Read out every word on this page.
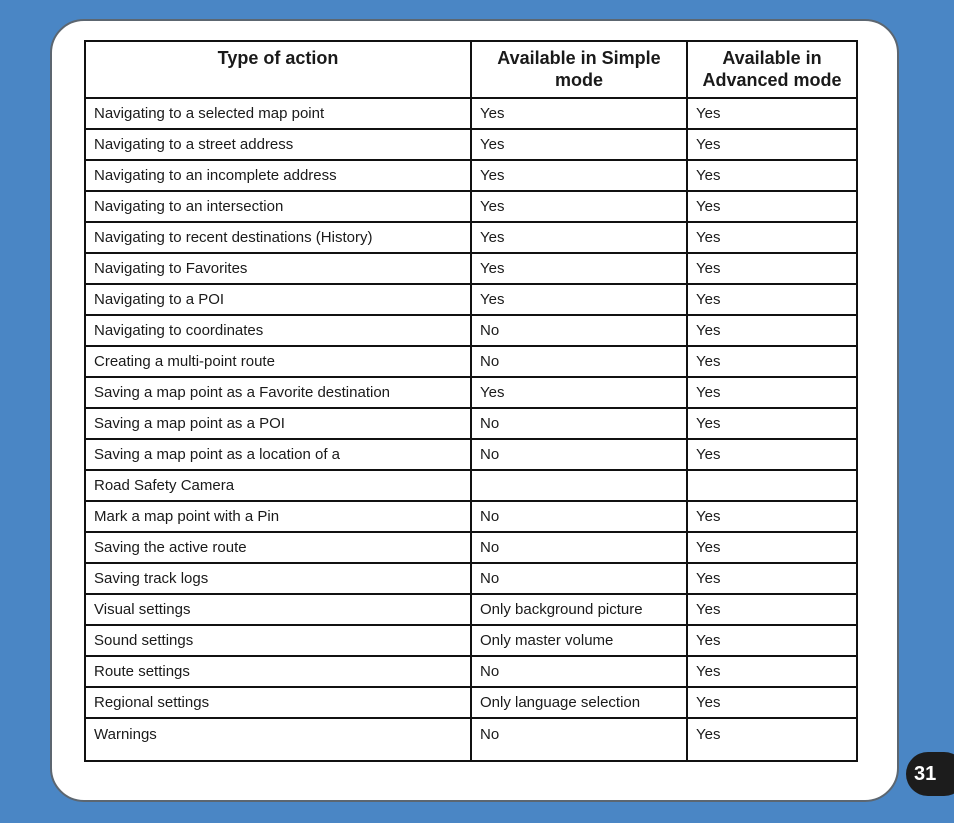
Type of action	Available in Simple mode	Available in Advanced mode
Navigating to a selected map point	Yes	Yes
Navigating to a street address	Yes	Yes
Navigating to an incomplete address	Yes	Yes
Navigating to an intersection	Yes	Yes
Navigating to recent destinations (History)	Yes	Yes
Navigating to Favorites	Yes	Yes
Navigating to a POI	Yes	Yes
Navigating to coordinates	No	Yes
Creating a multi-point route	No	Yes
Saving a map point as a Favorite destination	Yes	Yes
Saving a map point as a POI	No	Yes
Saving a map point as a location of a	No	Yes
Road Safety Camera		
Mark a map point with a Pin	No	Yes
Saving the active route	No	Yes
Saving track logs	No	Yes
Visual settings	Only background picture	Yes
Sound settings	Only master volume	Yes
Route settings	No	Yes
Regional settings	Only language selection	Yes
Warnings	No	Yes
31
